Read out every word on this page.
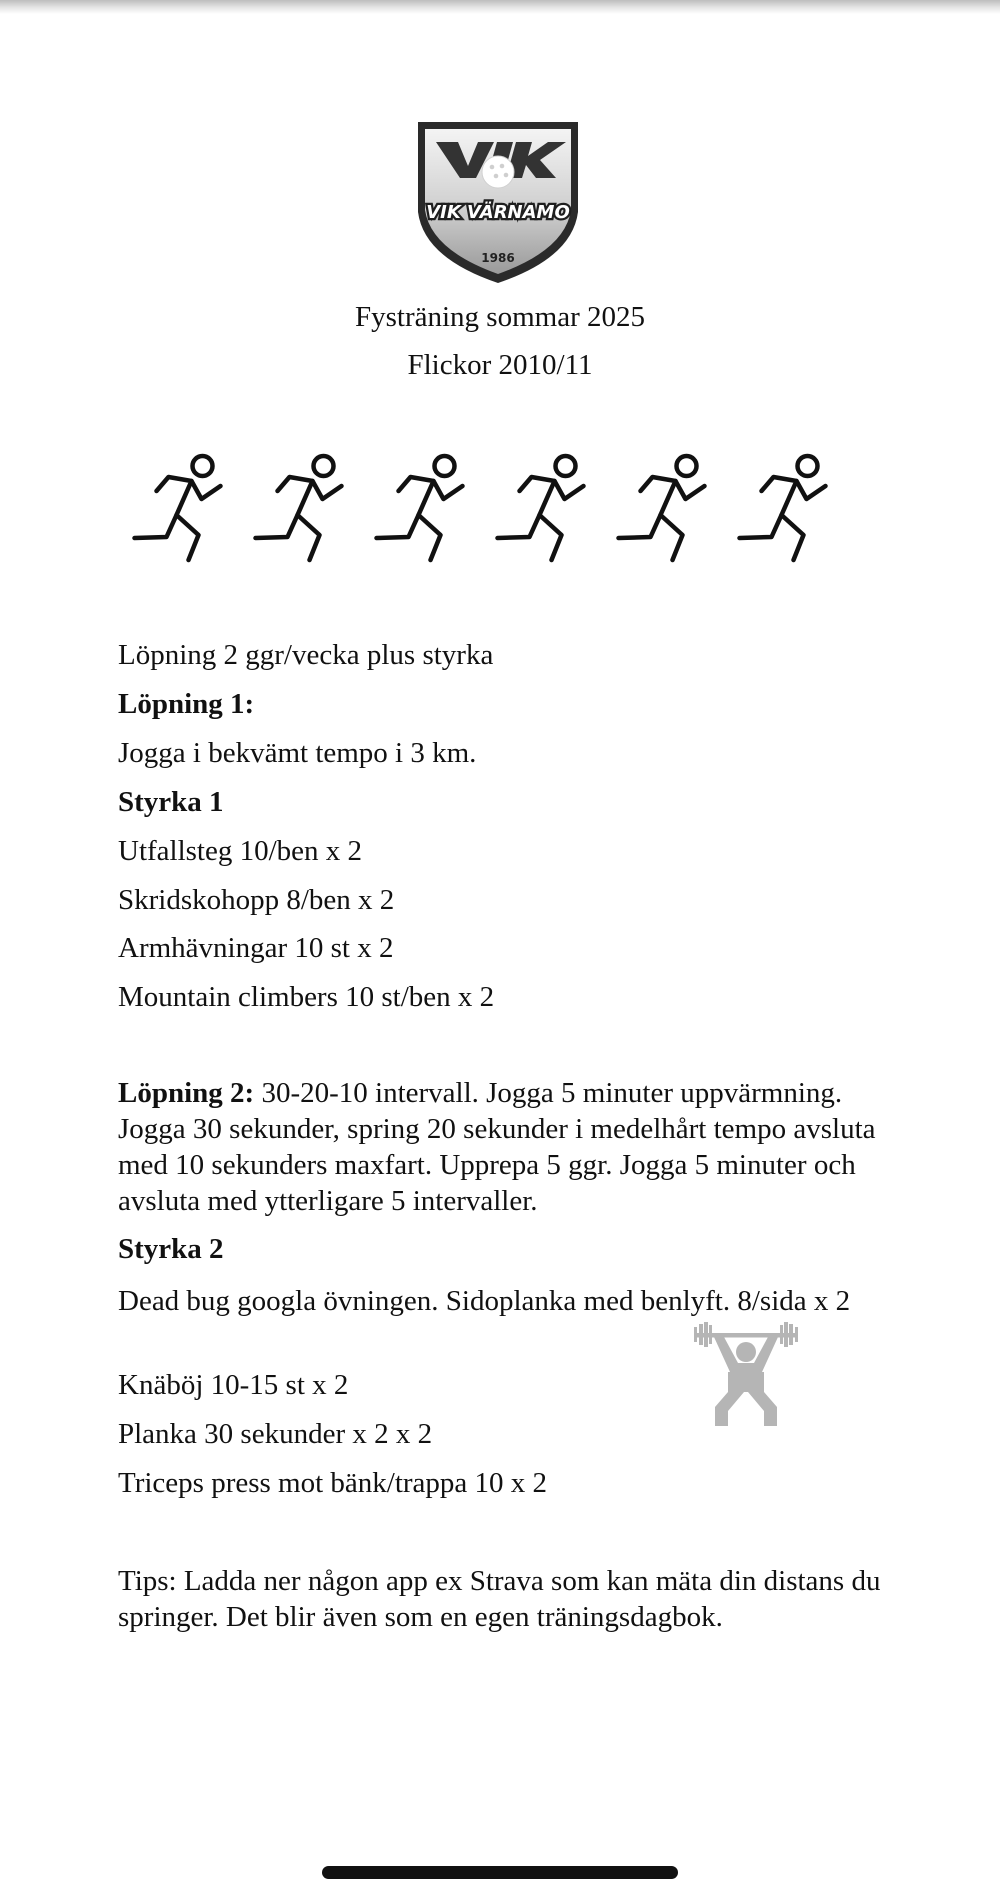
VIK VÄRNAMO
1986
Fysträning sommar 2025
Flickor 2010/11
Löpning 2 ggr/vecka plus styrka
Löpning 1:
Jogga i bekvämt tempo i 3 km.
Styrka 1
Utfallsteg 10/ben x 2
Skridskohopp 8/ben x 2
Armhävningar 10 st x 2
Mountain climbers 10 st/ben x 2
Löpning 2: 30-20-10 intervall. Jogga 5 minuter uppvärmning. Jogga 30 sekunder, spring 20 sekunder i medelhårt tempo avsluta med 10 sekunders maxfart. Upprepa 5 ggr. Jogga 5 minuter och avsluta med ytterligare 5 intervaller.
Styrka 2
Dead bug googla övningen. Sidoplanka med benlyft. 8/sida x 2
Knäböj 10-15 st x 2
Planka 30 sekunder x 2 x 2
Triceps press mot bänk/trappa 10 x 2
Tips: Ladda ner någon app ex Strava som kan mäta din distans du springer. Det blir även som en egen träningsdagbok.
